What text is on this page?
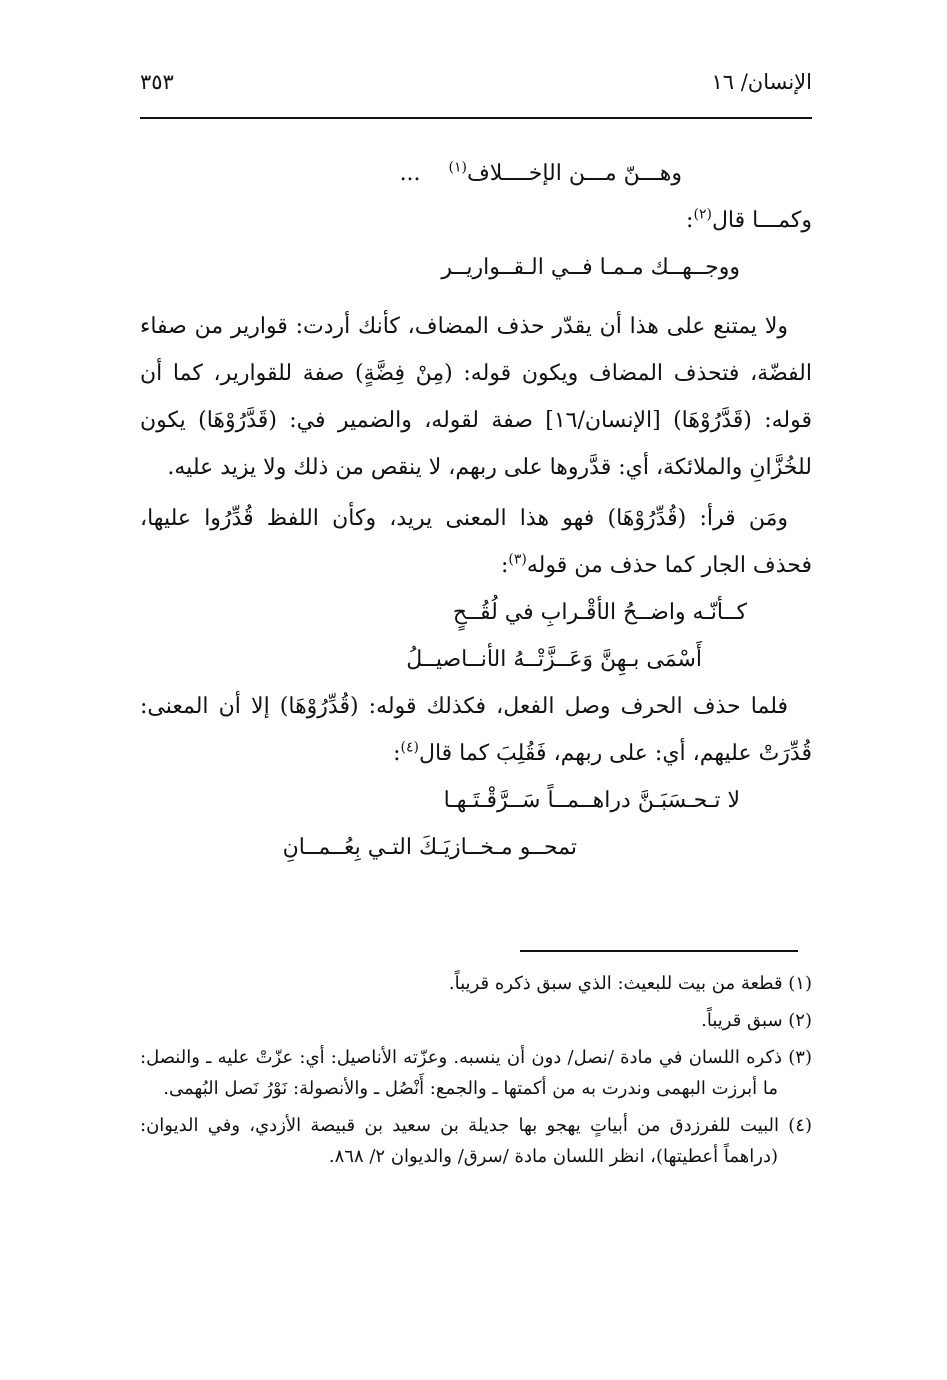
الإنسان/ ١٦
٣٥٣
وهـــنّ مـــن الإخــــلاف$^{(١)}$    ...
وكمـــا قال$^{(٢)}$:
ووجــهــك مـمـا فــي الـقــواريــر

ولا يمتنع على هذا أن يقدّر حذف المضاف، كأنك أردت: قوارير من صفاء الفضّة، فتحذف المضاف ويكون قوله: (مِنْ فِضَّةٍ) صفة للقوارير، كما أن قوله: (قَدَّرُوْهَا) [الإنسان/١٦] صفة لقوله، والضمير في: (قَدَّرُوْهَا) يكون للخُزَّانِ والملائكة، أي: قدَّروها على ربهم، لا ينقص من ذلك ولا يزيد عليه.

ومَن قرأ: (قُدِّرُوْهَا) فهو هذا المعنى يريد، وكأن اللفظ قُدِّرُوا عليها، فحذف الجار كما حذف من قوله$^{(٣)}$:

كــأنّـه واضــحُ الأقْـرابِ في لُقُــحٍ
أَسْمَى بـهِنَّ وَعَــزَّتْــهُ الأنــاصيــلُ

فلما حذف الحرف وصل الفعل، فكذلك قوله: (قُدِّرُوْهَا) إلا أن المعنى: قُدِّرَتْ عليهم، أي: على ربهم، فَقُلِبَ كما قال$^{(٤)}$:

لا تـحـسَبَـنَّ دراهــمــاً سَــرَّقْـتَـهـا
تمحــو مـخــازيَـكَ التـي بِعُــمــانِ

(١) قطعة من بيت للبعيث: الذي سبق ذكره قريباً.

(٢) سبق قريباً.

(٣) ذكره اللسان في مادة /نصل/ دون أن ينسبه. وعزّته الأناصيل: أي: عزّتْ عليه ـ والنصل: ما أبرزت البهمى وندرت به من أكمتها ـ والجمع: أَنْصُل ـ والأنصولة: نَوْرُ نَصل البُهمى.

(٤) البيت للفرزدق من أبياتٍ يهجو بها جديلة بن سعيد بن قبيصة الأزدي، وفي الديوان: (دراهماً أعطيتها)، انظر اللسان مادة /سرق/ والديوان ٢/ ٨٦٨.
